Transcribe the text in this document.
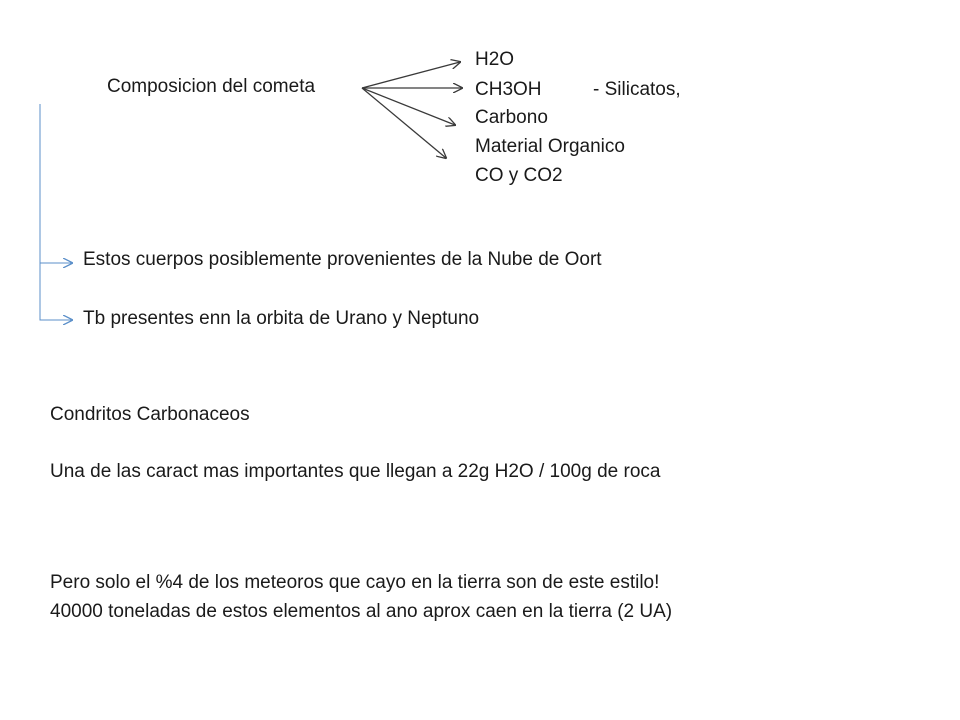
Composicion del cometa
H2O
CH3OH	- Silicatos,
Carbono
Material Organico
CO y CO2
Estos cuerpos posiblemente provenientes de la Nube de Oort
Tb presentes enn la orbita de Urano y Neptuno
Condritos Carbonaceos
Una de las caract mas importantes que llegan a 22g H2O / 100g de roca
Pero solo el %4 de los meteoros que cayo en la tierra son de este estilo!
40000 toneladas de estos elementos al ano aprox caen en la tierra (2 UA)
